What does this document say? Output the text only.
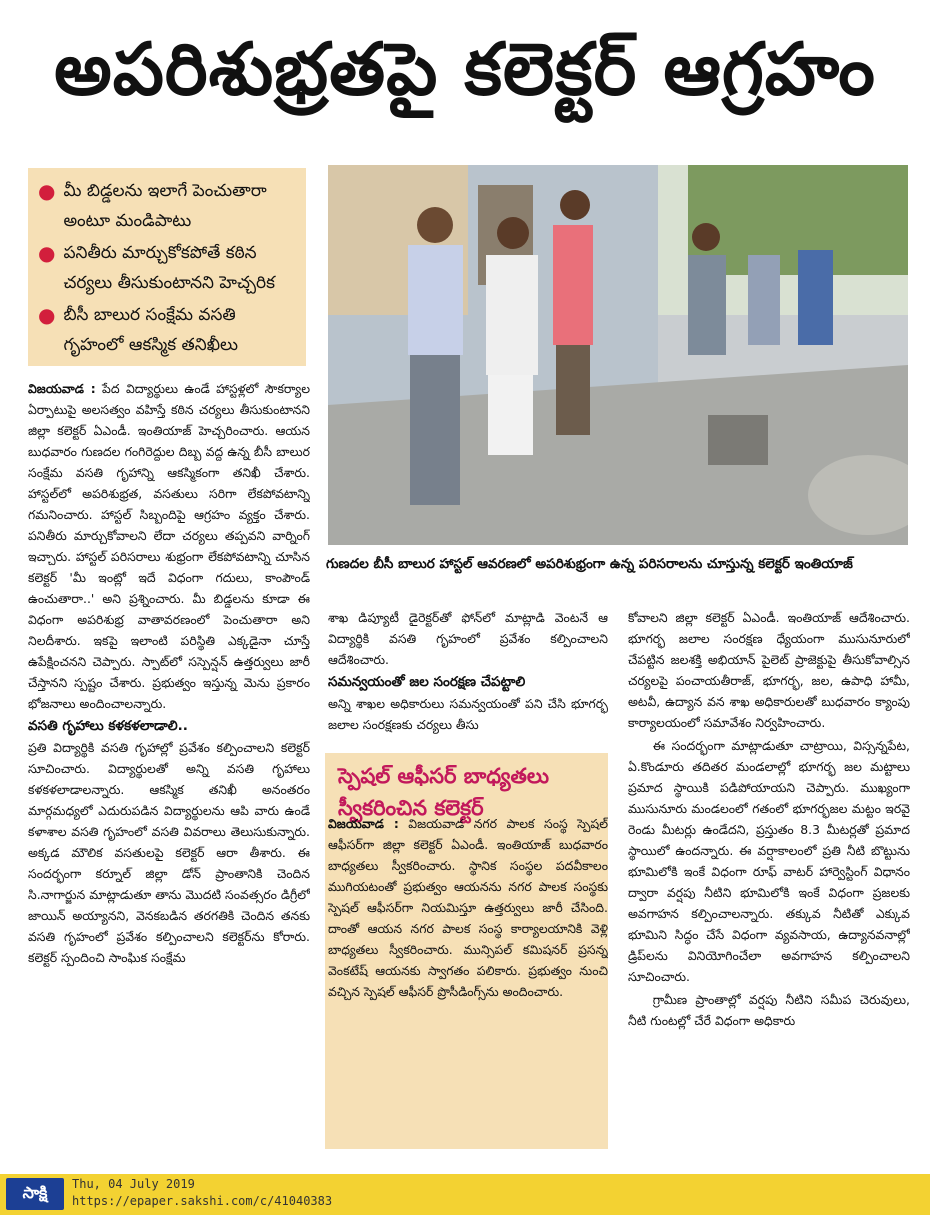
అపరిశుభ్రతపై కలెక్టర్ ఆగ్రహం
● మీ బిడ్డలను ఇలాగే పెంచుతారా అంటూ మండిపాటు
● పనితీరు మార్చుకోకపోతే కఠిన చర్యలు తీసుకుంటానని హెచ్చరిక
● బీసీ బాలుర సంక్షేమ వసతి గృహంలో ఆకస్మిక తనిఖీలు
గుణదల బీసీ బాలుర హాస్టల్ ఆవరణలో అపరిశుభ్రంగా ఉన్న పరిసరాలను చూస్తున్న కలెక్టర్ ఇంతియాజ్

విజయవాడ : పేద విద్యార్థులు ఉండే హాస్టళ్లలో సౌకర్యాల ఏర్పాటుపై అలసత్వం వహిస్తే కఠిన చర్యలు తీసుకుంటానని జిల్లా కలెక్టర్ ఏఎండీ. ఇంతియాజ్ హెచ్చరించారు. ఆయన బుధవారం గుణదల గంగిరెద్దుల దిబ్బ వద్ద ఉన్న బీసీ బాలుర సంక్షేమ వసతి గృహాన్ని ఆకస్మికంగా తనిఖీ చేశారు. హాస్టల్‌లో అపరిశుభ్రత, వసతులు సరిగా లేకపోవటాన్ని గమనించారు. హాస్టల్ సిబ్బందిపై ఆగ్రహం వ్యక్తం చేశారు. పనితీరు మార్చుకోవాలని లేదా చర్యలు తప్పవని వార్నింగ్ ఇచ్చారు. హాస్టల్ పరిసరాలు శుభ్రంగా లేకపోవటాన్ని చూసిన కలెక్టర్ 'మీ ఇంట్లో ఇదే విధంగా గదులు, కాంపౌండ్ ఉంచుతారా..' అని ప్రశ్నించారు. మీ బిడ్డలను కూడా ఈ విధంగా అపరిశుభ్ర వాతావరణంలో పెంచుతారా అని నిలదీశారు. ఇకపై ఇలాంటి పరిస్థితి ఎక్కడైనా చూస్తే ఉపేక్షించనని చెప్పారు. స్పాట్‌లో సస్పెన్షన్ ఉత్తర్వులు జారీ చేస్తానని స్పష్టం చేశారు. ప్రభుత్వం ఇస్తున్న మెను ప్రకారం భోజనాలు అందించాలన్నారు.

వసతి గృహాలు కళకళలాడాలి..

ప్రతి విద్యార్థికి వసతి గృహాల్లో ప్రవేశం కల్పించాలని కలెక్టర్ సూచించారు. విద్యార్థులతో అన్ని వసతి గృహాలు కళకళలాడాలన్నారు. ఆకస్మిక తనిఖీ అనంతరం మార్గమధ్యలో ఎదురుపడిన విద్యార్థులను ఆపి వారు ఉండే కళాశాల వసతి గృహంలో వసతి వివరాలు తెలుసుకున్నారు. అక్కడ మౌలిక వసతులపై కలెక్టర్ ఆరా తీశారు. ఈ సందర్భంగా కర్నూల్ జిల్లా డోన్ ప్రాంతానికి చెందిన సి.నాగార్జున మాట్లాడుతూ తాను మొదటి సంవత్సరం డిగ్రీలో జాయిన్ అయ్యానని, వెనకబడిన తరగతికి చెందిన తనకు వసతి గృహంలో ప్రవేశం కల్పించాలని కలెక్టర్‌ను కోరారు. కలెక్టర్ స్పందించి సాంఘిక సంక్షేమ

శాఖ డిప్యూటీ డైరెక్టర్‌తో ఫోన్‌లో మాట్లాడి వెంటనే ఆ విద్యార్థికి వసతి గృహంలో ప్రవేశం కల్పించాలని ఆదేశించారు.

సమన్వయంతో జల సంరక్షణ చేపట్టాలి

అన్ని శాఖల అధికారులు సమన్వయంతో పని చేసి భూగర్భ జలాల సంరక్షణకు చర్యలు తీసు

స్పెషల్ ఆఫీసర్ బాధ్యతలు స్వీకరించిన కలెక్టర్

విజయవాడ : విజయవాడ నగర పాలక సంస్థ స్పెషల్ ఆఫీసర్‌గా జిల్లా కలెక్టర్ ఏఎండీ. ఇంతియాజ్ బుధవారం బాధ్యతలు స్వీకరించారు. స్థానిక సంస్థల పదవీకాలం ముగియటంతో ప్రభుత్వం ఆయనను నగర పాలక సంస్థకు స్పెషల్ ఆఫీసర్‌గా నియమిస్తూ ఉత్తర్వులు జారీ చేసింది. దాంతో ఆయన నగర పాలక సంస్థ కార్యాలయానికి వెళ్లి బాధ్యతలు స్వీకరించారు. మున్సిపల్ కమిషనర్ ప్రసన్న వెంకటేష్ ఆయనకు స్వాగతం పలికారు. ప్రభుత్వం నుంచి వచ్చిన స్పెషల్ ఆఫీసర్ ప్రొసీడింగ్స్‌ను అందించారు.

కోవాలని జిల్లా కలెక్టర్ ఏఎండీ. ఇంతియాజ్ ఆదేశించారు. భూగర్భ జలాల సంరక్షణ ధ్యేయంగా ముసునూరులో చేపట్టిన జలశక్తి అభియాన్ పైలెట్ ప్రాజెక్టుపై తీసుకోవాల్సిన చర్యలపై పంచాయతీరాజ్, భూగర్భ, జల, ఉపాధి హామీ, అటవీ, ఉద్యాన వన శాఖ అధికారులతో బుధవారం క్యాంపు కార్యాలయంలో సమావేశం నిర్వహించారు.

ఈ సందర్భంగా మాట్లాడుతూ చాట్రాయి, విస్సన్నపేట, ఏ.కొండూరు తదితర మండలాల్లో భూగర్భ జల మట్టాలు ప్రమాద స్థాయికి పడిపోయాయని చెప్పారు. ముఖ్యంగా ముసునూరు మండలంలో గతంలో భూగర్భజల మట్టం ఇరవై రెండు మీటర్లు ఉండేదని, ప్రస్తుతం 8.3 మీటర్లతో ప్రమాద స్థాయిలో ఉందన్నారు. ఈ వర్షాకాలంలో ప్రతి నీటి బొట్టును భూమిలోకి ఇంకే విధంగా రూఫ్ వాటర్ హార్వెస్టింగ్ విధానం ద్వారా వర్షపు నీటిని భూమిలోకి ఇంకే విధంగా ప్రజలకు అవగాహన కల్పించాలన్నారు. తక్కువ నీటితో ఎక్కువ భూమిని సిద్ధం చేసే విధంగా వ్యవసాయ, ఉద్యానవనాల్లో డ్రిప్‌లను వినియోగించేలా అవగాహన కల్పించాలని సూచించారు.

గ్రామీణ ప్రాంతాల్లో వర్షపు నీటిని సమీప చెరువులు, నీటి గుంటల్లో చేరే విధంగా అధికారు

సాక్షి	Thu, 04 July 2019
https://epaper.sakshi.com/c/41040383
